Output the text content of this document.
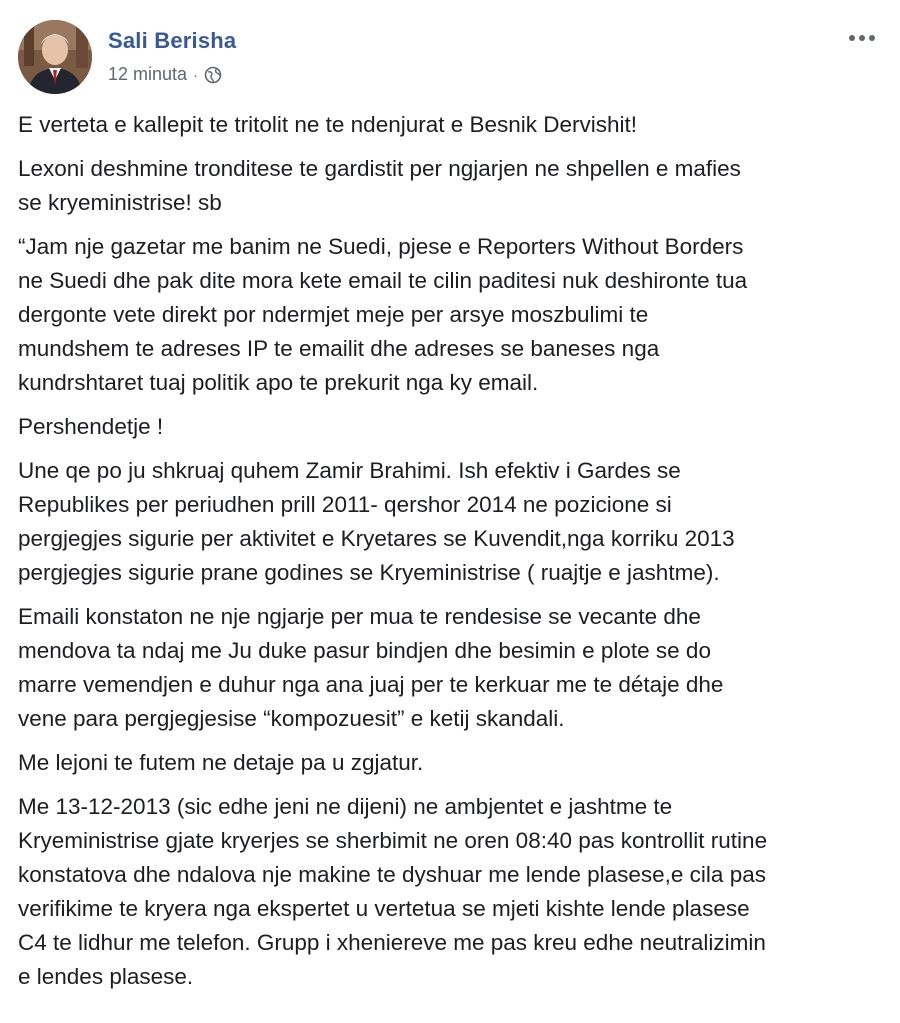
Sali Berisha
12 minuta ·

E verteta e kallepit te tritolit ne te ndenjurat e Besnik Dervishit!

Lexoni deshmine tronditese te gardistit per ngjarjen ne shpellen e mafies
se kryeministrise! sb

“Jam nje gazetar me banim ne Suedi, pjese e Reporters Without Borders
ne Suedi dhe pak dite mora kete email te cilin paditesi nuk deshironte tua
dergonte vete direkt por ndermjet meje per arsye moszbulimi te
mundshem te adreses IP te emailit dhe adreses se baneses nga
kundrshtaret tuaj politik apo te prekurit nga ky email.

Pershendetje !

Une qe po ju shkruaj quhem Zamir Brahimi. Ish efektiv i Gardes se
Republikes per periudhen prill 2011- qershor 2014 ne pozicione si
pergjegjes sigurie per aktivitet e Kryetares se Kuvendit,nga korriku 2013
pergjegjes sigurie prane godines se Kryeministrise ( ruajtje e jashtme).

Emaili konstaton ne nje ngjarje per mua te rendesise se vecante dhe
mendova ta ndaj me Ju duke pasur bindjen dhe besimin e plote se do
marre vemendjen e duhur nga ana juaj per te kerkuar me te détaje dhe
vene para pergjegjesise “kompozuesit” e ketij skandali.

Me lejoni te futem ne detaje pa u zgjatur.

Me 13-12-2013 (sic edhe jeni ne dijeni) ne ambjentet e jashtme te
Kryeministrise gjate kryerjes se sherbimit ne oren 08:40 pas kontrollit rutine
konstatova dhe ndalova nje makine te dyshuar me lende plasese,e cila pas
verifikime te kryera nga ekspertet u vertetua se mjeti kishte lende plasese
C4 te lidhur me telefon. Grupp i xheniereve me pas kreu edhe neutralizimin
e lendes plasese.
